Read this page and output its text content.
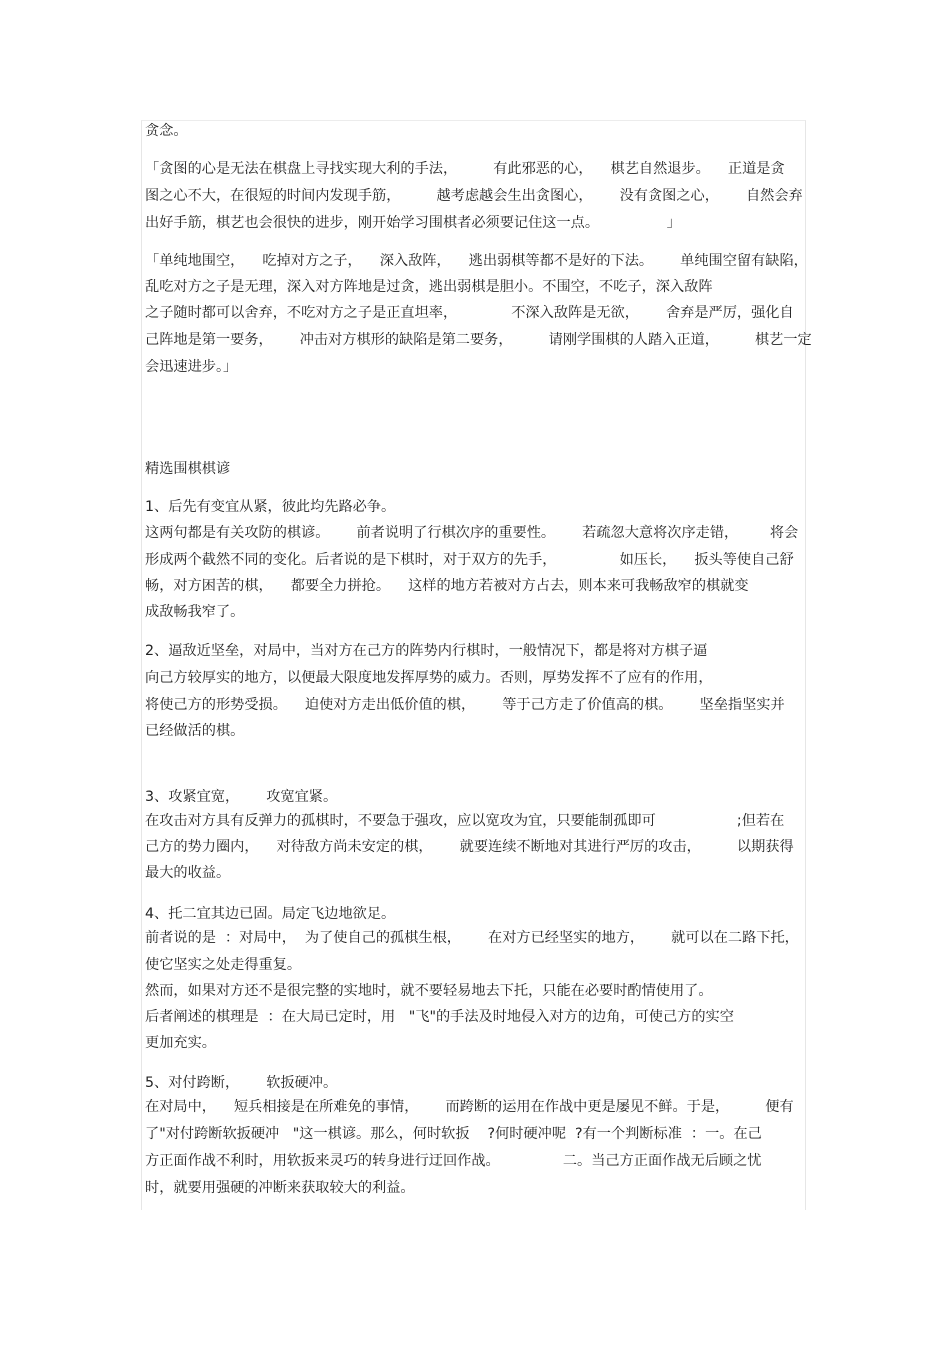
贪念。
「贪图的心是无法在棋盘上寻找实现大利的手法，        有此邪恶的心，    棋艺自然退步。    正道是贪
图之心不大，在很短的时间内发现手筋，        越考虑越会生出贪图心，      没有贪图之心，      自然会弃
出好手筋，棋艺也会很快的进步，刚开始学习围棋者必须要记住这一点。               」
「单纯地围空，    吃掉对方之子，    深入敌阵，    逃出弱棋等都不是好的下法。      单纯围空留有缺陷，
乱吃对方之子是无理，深入对方阵地是过贪，逃出弱棋是胆小。不围空，不吃子，深入敌阵
之子随时都可以舍弃，不吃对方之子是正直坦率，            不深入敌阵是无欲，      舍弃是严厉，强化自
己阵地是第一要务，      冲击对方棋形的缺陷是第二要务，        请刚学围棋的人踏入正道，        棋艺一定
会迅速进步。」
精选围棋棋谚
1、后先有变宜从紧，彼此均先路必争。
这两句都是有关攻防的棋谚。      前者说明了行棋次序的重要性。      若疏忽大意将次序走错，       将会
形成两个截然不同的变化。后者说的是下棋时，对于双方的先手，              如压长，    扳头等使自己舒
畅，对方困苦的棋，    都要全力拼抢。    这样的地方若被对方占去，则本来可我畅敌窄的棋就变
成敌畅我窄了。
2、逼敌近坚垒，对局中，当对方在己方的阵势内行棋时，一般情况下，都是将对方棋子逼
向己方较厚实的地方，以便最大限度地发挥厚势的威力。否则，厚势发挥不了应有的作用，
将使己方的形势受损。    迫使对方走出低价值的棋，      等于己方走了价值高的棋。      坚垒指坚实并
已经做活的棋。
3、攻紧宜宽，      攻宽宜紧。
在攻击对方具有反弹力的孤棋时，不要急于强攻，应以宽攻为宜，只要能制孤即可                  ;但若在
己方的势力圈内，    对待敌方尚未安定的棋，      就要连续不断地对其进行严厉的攻击，        以期获得
最大的收益。
4、托二宜其边已固。局定飞边地欲足。
前者说的是  ：对局中，  为了使自己的孤棋生根，      在对方已经坚实的地方，      就可以在二路下托，
使它坚实之处走得重复。
然而，如果对方还不是很完整的实地时，就不要轻易地去下托，只能在必要时酌情使用了。
后者阐述的棋理是  ：在大局已定时，用   "飞"的手法及时地侵入对方的边角，可使己方的实空
更加充实。
5、对付跨断，      软扳硬冲。
在对局中，    短兵相接是在所难免的事情，      而跨断的运用在作战中更是屡见不鲜。于是，        便有
了"对付跨断软扳硬冲   "这一棋谚。那么，何时软扳    ?何时硬冲呢  ?有一个判断标准  ：一。在己
方正面作战不利时，用软扳来灵巧的转身进行迂回作战。              二。当己方正面作战无后顾之忧
时，就要用强硬的冲断来获取较大的利益。
